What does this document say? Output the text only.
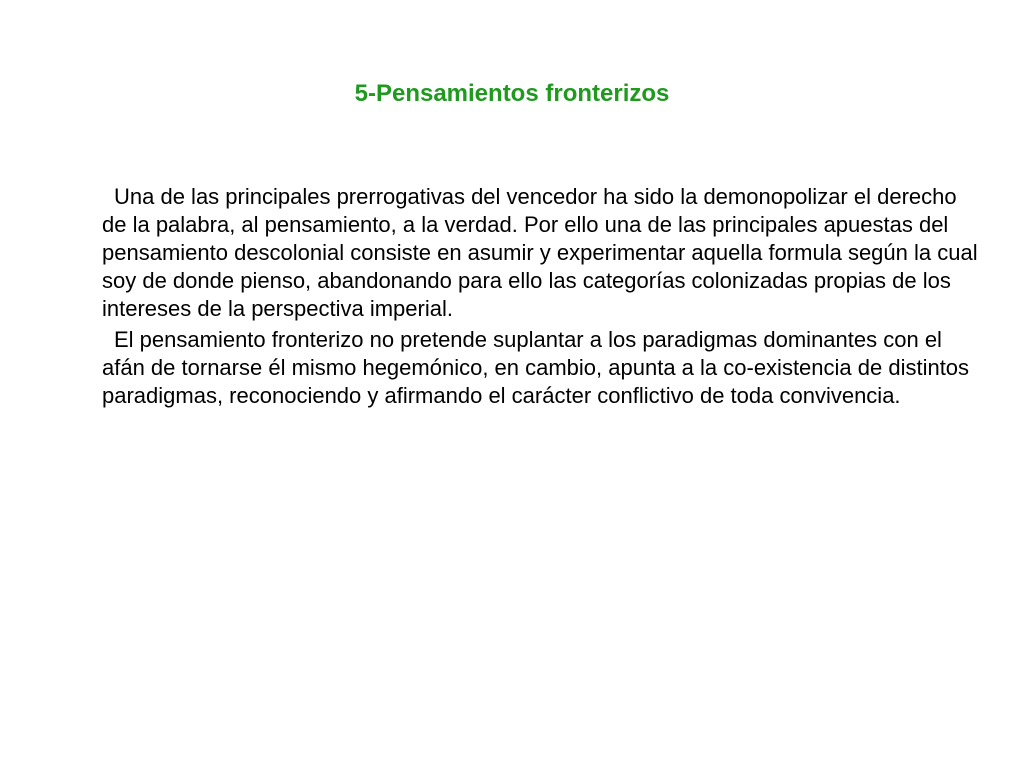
5-Pensamientos fronterizos

Una de las principales prerrogativas del vencedor ha sido la demonopolizar el derecho de la palabra, al pensamiento, a la verdad. Por ello una de las principales apuestas del pensamiento descolonial consiste en asumir y experimentar aquella formula según la cual soy de donde pienso, abandonando para ello las categorías colonizadas propias de los intereses de la perspectiva imperial.

El pensamiento fronterizo no pretende suplantar a los paradigmas dominantes con el afán de tornarse él mismo hegemónico, en cambio, apunta a la co-existencia de distintos paradigmas, reconociendo y afirmando el carácter conflictivo de toda convivencia.
